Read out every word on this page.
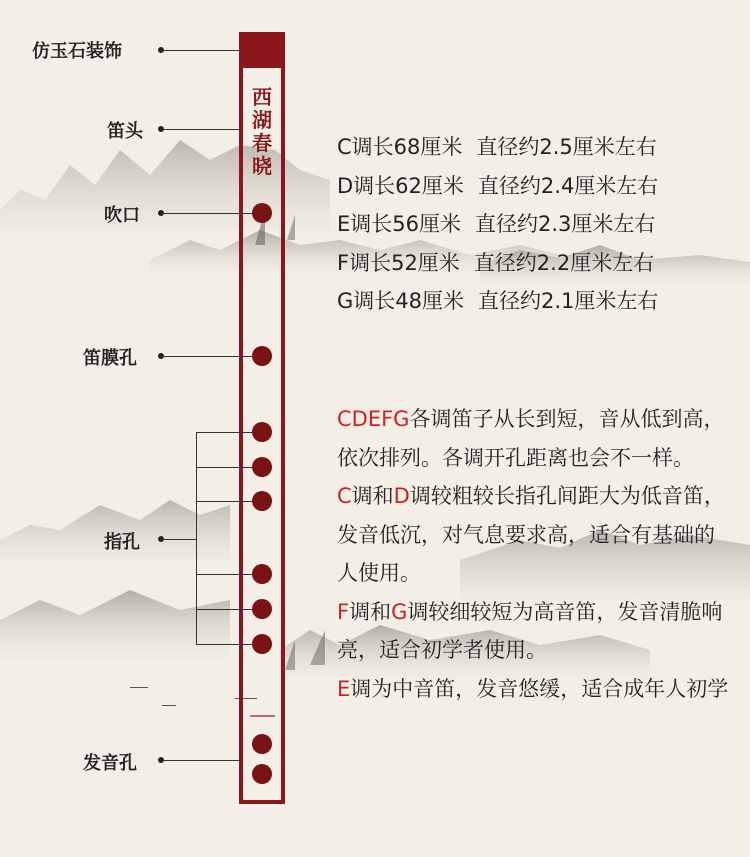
西
湖
春
晓
仿玉石装饰
笛头
吹口
笛膜孔
指孔
发音孔
C调长68厘米 直径约2.5厘米左右
D调长62厘米 直径约2.4厘米左右
E调长56厘米 直径约2.3厘米左右
F调长52厘米 直径约2.2厘米左右
G调长48厘米 直径约2.1厘米左右
CDEFG各调笛子从长到短，音从低到高，依次排列。各调开孔距离也会不一样。
C调和D调较粗较长指孔间距大为低音笛，发音低沉，对气息要求高，适合有基础的人使用。
F调和G调较细较短为高音笛，发音清脆响亮，适合初学者使用。
E调为中音笛，发音悠缓，适合成年人初学
